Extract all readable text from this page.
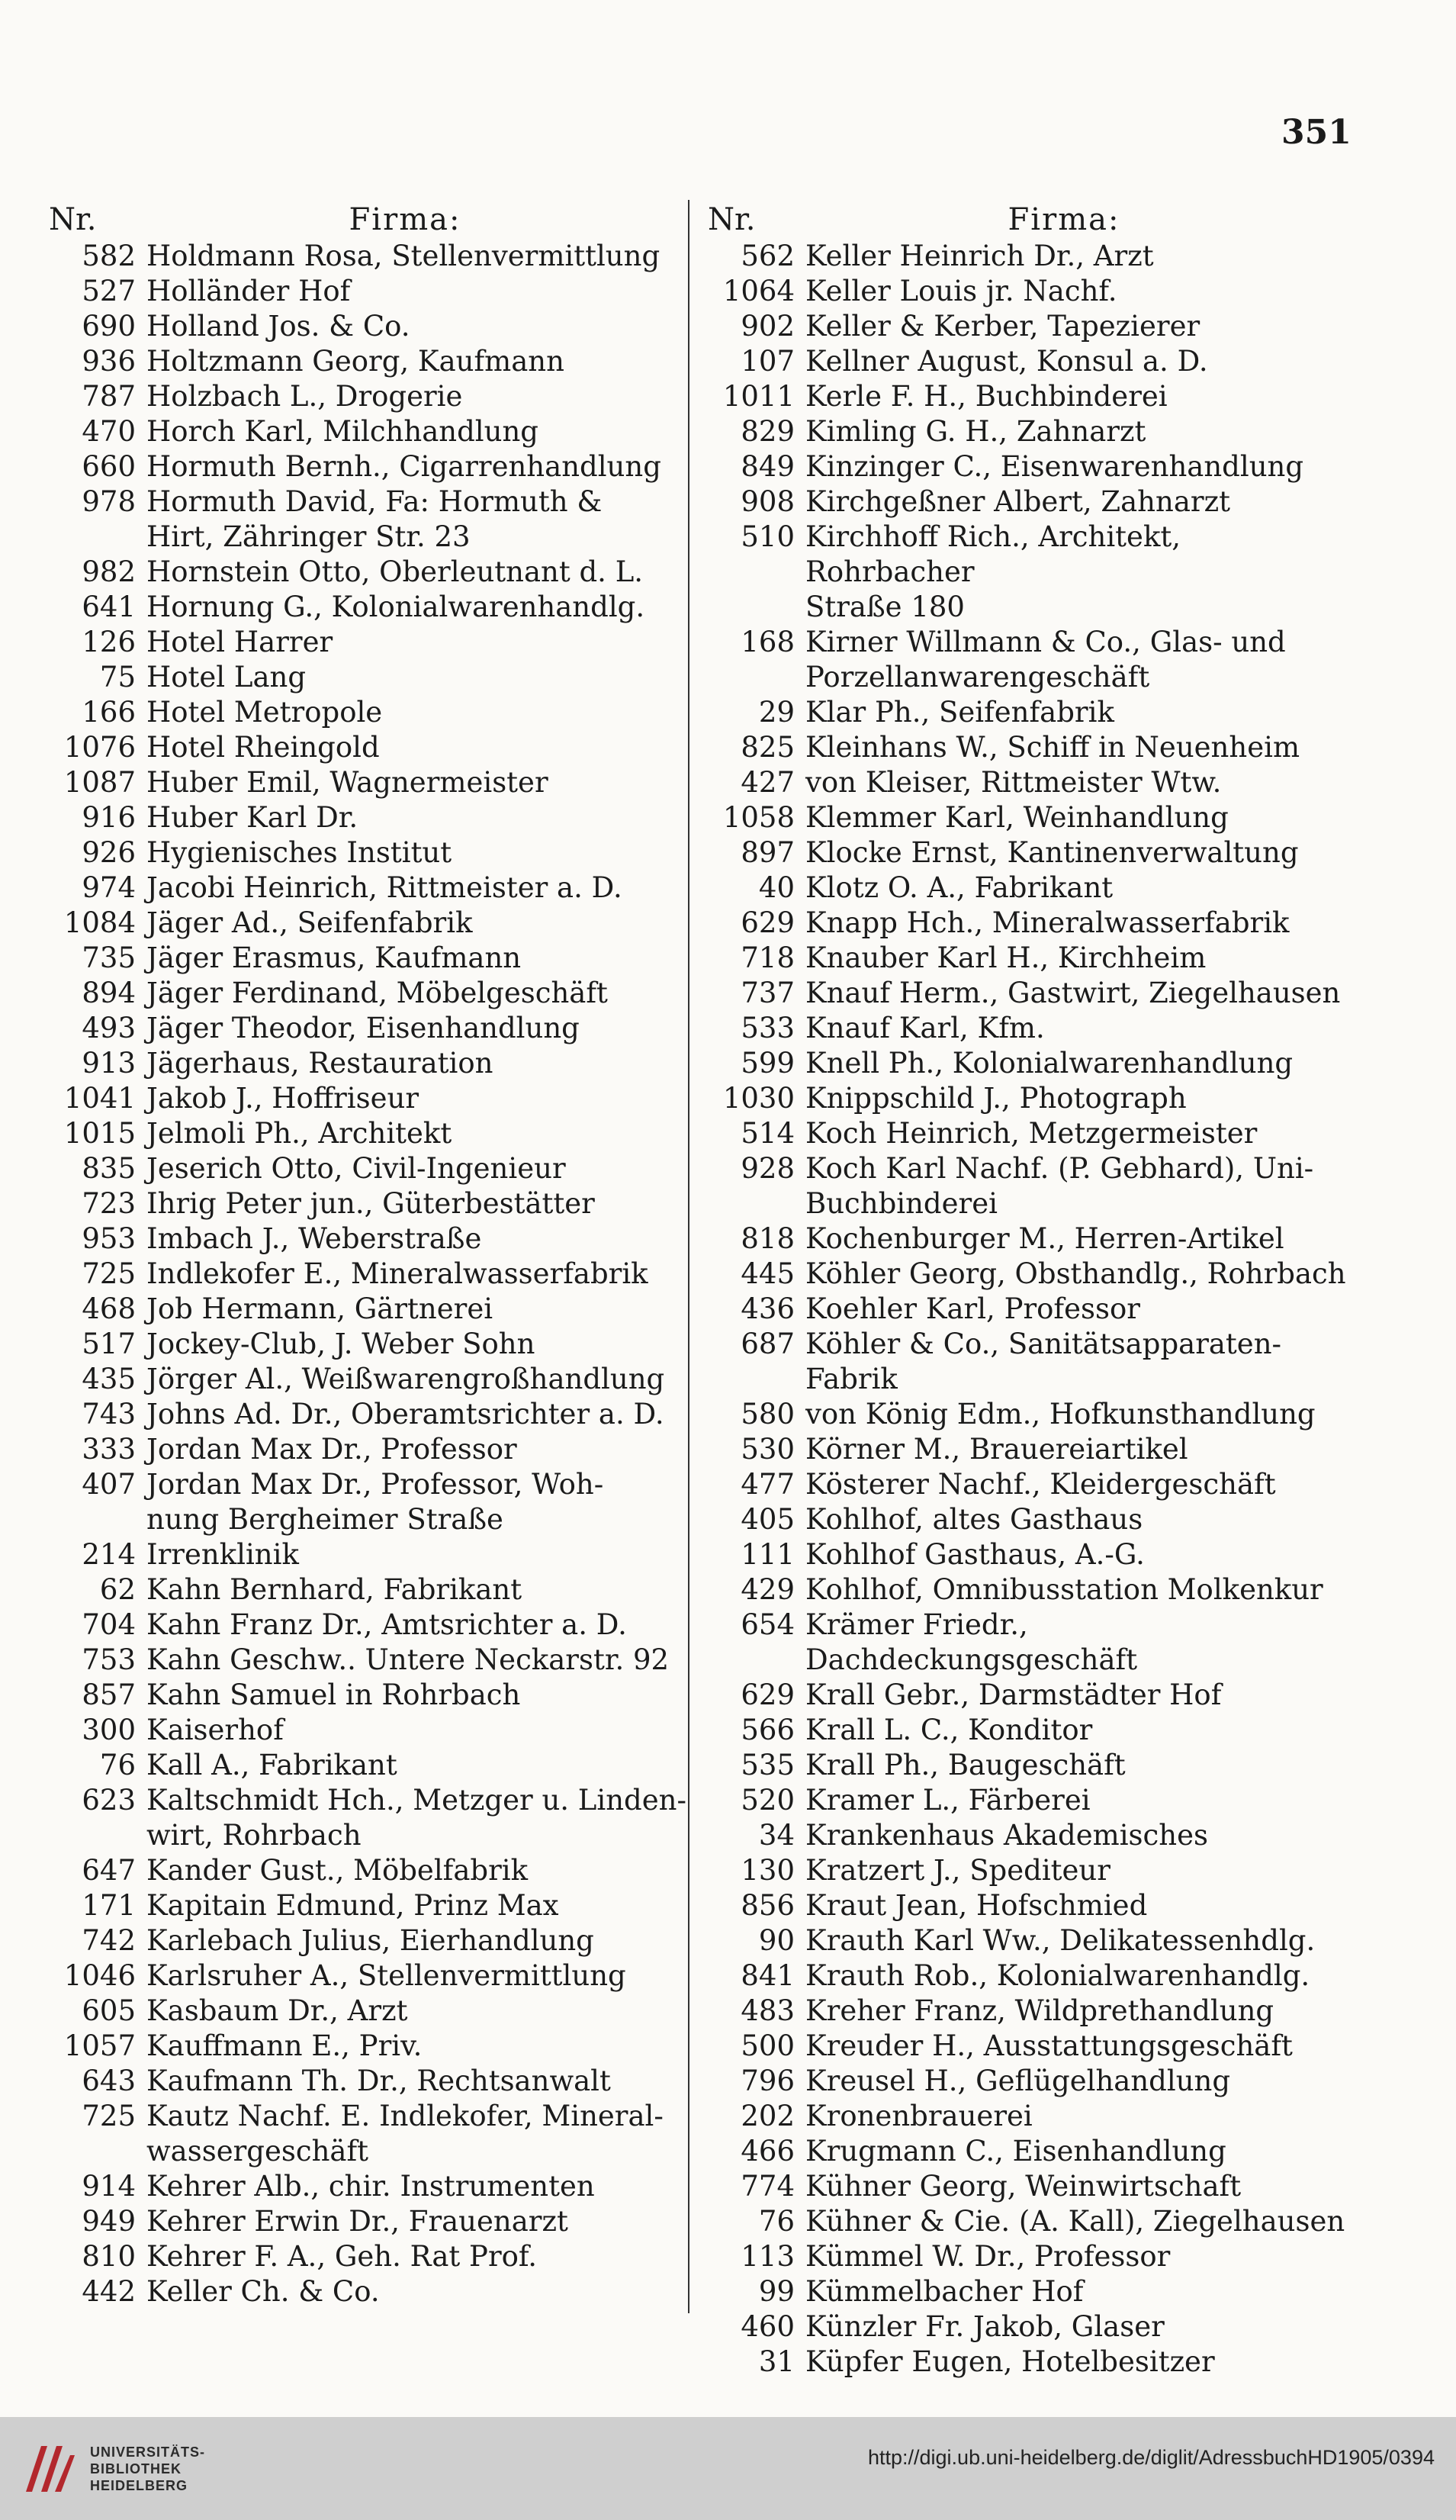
351
Nr.	Firma:
582 Holdmann Rosa, Stellenvermittlung
527 Holländer Hof
690 Holland Jos. & Co.
936 Holtzmann Georg, Kaufmann
787 Holzbach L., Drogerie
470 Horch Karl, Milchhandlung
660 Hormuth Bernh., Cigarrenhandlung
978 Hormuth David, Fa: Hormuth &
Hirt, Zähringer Str. 23
982 Hornstein Otto, Oberleutnant d. L.
641 Hornung G., Kolonialwarenhandlg.
126 Hotel Harrer
75 Hotel Lang
166 Hotel Metropole
1076 Hotel Rheingold
1087 Huber Emil, Wagnermeister
916 Huber Karl Dr.
926 Hygienisches Institut
974 Jacobi Heinrich, Rittmeister a. D.
1084 Jäger Ad., Seifenfabrik
735 Jäger Erasmus, Kaufmann
894 Jäger Ferdinand, Möbelgeschäft
493 Jäger Theodor, Eisenhandlung
913 Jägerhaus, Restauration
1041 Jakob J., Hoffriseur
1015 Jelmoli Ph., Architekt
835 Jeserich Otto, Civil-Ingenieur
723 Ihrig Peter jun., Güterbestätter
953 Imbach J., Weberstraße
725 Indlekofer E., Mineralwasserfabrik
468 Job Hermann, Gärtnerei
517 Jockey-Club, J. Weber Sohn
435 Jörger Al., Weißwarengroßhandlung
743 Johns Ad. Dr., Oberamtsrichter a. D.
333 Jordan Max Dr., Professor
407 Jordan Max Dr., Professor, Woh-
nung Bergheimer Straße
214 Irrenklinik
62 Kahn Bernhard, Fabrikant
704 Kahn Franz Dr., Amtsrichter a. D.
753 Kahn Geschw.. Untere Neckarstr. 92
857 Kahn Samuel in Rohrbach
300 Kaiserhof
76 Kall A., Fabrikant
623 Kaltschmidt Hch., Metzger u. Linden-
wirt, Rohrbach
647 Kander Gust., Möbelfabrik
171 Kapitain Edmund, Prinz Max
742 Karlebach Julius, Eierhandlung
1046 Karlsruher A., Stellenvermittlung
605 Kasbaum Dr., Arzt
1057 Kauffmann E., Priv.
643 Kaufmann Th. Dr., Rechtsanwalt
725 Kautz Nachf. E. Indlekofer, Mineral-
wassergeschäft
914 Kehrer Alb., chir. Instrumenten
949 Kehrer Erwin Dr., Frauenarzt
810 Kehrer F. A., Geh. Rat Prof.
442 Keller Ch. & Co.
Nr.	Firma:
562 Keller Heinrich Dr., Arzt
1064 Keller Louis jr. Nachf.
902 Keller & Kerber, Tapezierer
107 Kellner August, Konsul a. D.
1011 Kerle F. H., Buchbinderei
829 Kimling G. H., Zahnarzt
849 Kinzinger C., Eisenwarenhandlung
908 Kirchgeßner Albert, Zahnarzt
510 Kirchhoff Rich., Architekt, Rohrbacher
Straße 180
168 Kirner Willmann & Co., Glas- und
Porzellanwarengeschäft
29 Klar Ph., Seifenfabrik
825 Kleinhans W., Schiff in Neuenheim
427 von Kleiser, Rittmeister Wtw.
1058 Klemmer Karl, Weinhandlung
897 Klocke Ernst, Kantinenverwaltung
40 Klotz O. A., Fabrikant
629 Knapp Hch., Mineralwasserfabrik
718 Knauber Karl H., Kirchheim
737 Knauf Herm., Gastwirt, Ziegelhausen
533 Knauf Karl, Kfm.
599 Knell Ph., Kolonialwarenhandlung
1030 Knippschild J., Photograph
514 Koch Heinrich, Metzgermeister
928 Koch Karl Nachf. (P. Gebhard), Uni-
Buchbinderei
818 Kochenburger M., Herren-Artikel
445 Köhler Georg, Obsthandlg., Rohrbach
436 Koehler Karl, Professor
687 Köhler & Co., Sanitätsapparaten-
Fabrik
580 von König Edm., Hofkunsthandlung
530 Körner M., Brauereiartikel
477 Kösterer Nachf., Kleidergeschäft
405 Kohlhof, altes Gasthaus
111 Kohlhof Gasthaus, A.-G.
429 Kohlhof, Omnibusstation Molkenkur
654 Krämer Friedr., Dachdeckungsgeschäft
629 Krall Gebr., Darmstädter Hof
566 Krall L. C., Konditor
535 Krall Ph., Baugeschäft
520 Kramer L., Färberei
34 Krankenhaus Akademisches
130 Kratzert J., Spediteur
856 Kraut Jean, Hofschmied
90 Krauth Karl Ww., Delikatessenhdlg.
841 Krauth Rob., Kolonialwarenhandlg.
483 Kreher Franz, Wildprethandlung
500 Kreuder H., Ausstattungsgeschäft
796 Kreusel H., Geflügelhandlung
202 Kronenbrauerei
466 Krugmann C., Eisenhandlung
774 Kühner Georg, Weinwirtschaft
76 Kühner & Cie. (A. Kall), Ziegelhausen
113 Kümmel W. Dr., Professor
99 Kümmelbacher Hof
460 Künzler Fr. Jakob, Glaser
31 Küpfer Eugen, Hotelbesitzer
UNIVERSITÄTS-
BIBLIOTHEK
HEIDELBERG
http://digi.ub.uni-heidelberg.de/diglit/AdressbuchHD1905/0394
